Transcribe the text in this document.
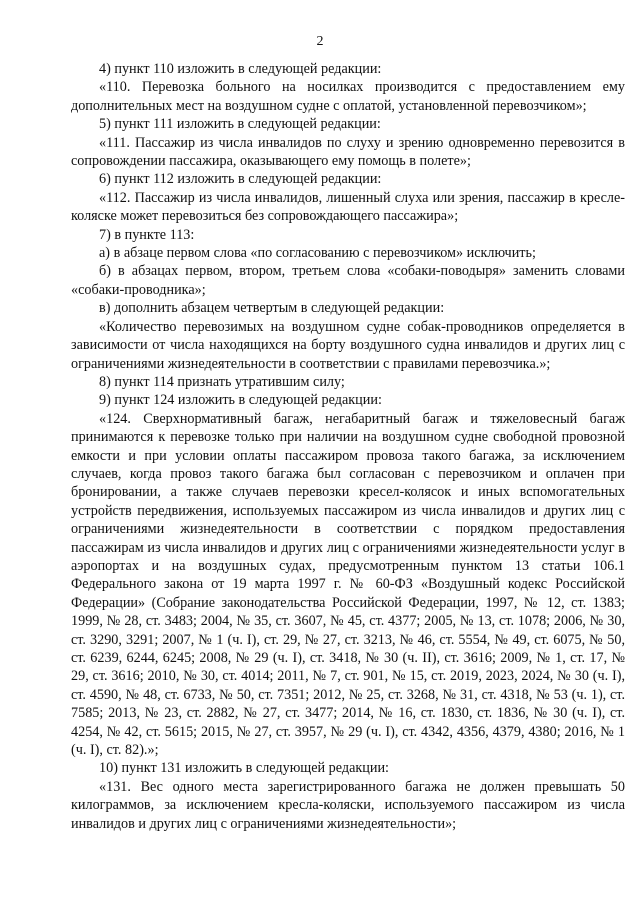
2

4) пункт 110 изложить в следующей редакции:

«110. Перевозка больного на носилках производится с предоставлением ему дополнительных мест на воздушном судне с оплатой, установленной перевозчиком»;

5) пункт 111 изложить в следующей редакции:

«111. Пассажир из числа инвалидов по слуху и зрению одновременно перевозится в сопровождении пассажира, оказывающего ему помощь в полете»;

6) пункт 112 изложить в следующей редакции:

«112. Пассажир из числа инвалидов, лишенный слуха или зрения, пассажир в кресле-коляске может перевозиться без сопровождающего пассажира»;

7) в пункте 113:

а) в абзаце первом слова «по согласованию с перевозчиком» исключить;

б) в абзацах первом, втором, третьем слова «собаки-поводыря» заменить словами «собаки-проводника»;

в) дополнить абзацем четвертым в следующей редакции:

«Количество перевозимых на воздушном судне собак-проводников определяется в зависимости от числа находящихся на борту воздушного судна инвалидов и других лиц с ограничениями жизнедеятельности в соответствии с правилами перевозчика.»;

8) пункт 114 признать утратившим силу;

9) пункт 124 изложить в следующей редакции:

«124. Сверхнормативный багаж, негабаритный багаж и тяжеловесный багаж принимаются к перевозке только при наличии на воздушном судне свободной провозной емкости и при условии оплаты пассажиром провоза такого багажа, за исключением случаев, когда провоз такого багажа был согласован с перевозчиком и оплачен при бронировании, а также случаев перевозки кресел-колясок и иных вспомогательных устройств передвижения, используемых пассажиром из числа инвалидов и других лиц с ограничениями жизнедеятельности в соответствии с порядком предоставления пассажирам из числа инвалидов и других лиц с ограничениями жизнедеятельности услуг в аэропортах и на воздушных судах, предусмотренным пунктом 13 статьи 106.1 Федерального закона от 19 марта 1997 г. № 60-ФЗ «Воздушный кодекс Российской Федерации» (Собрание законодательства Российской Федерации, 1997, № 12, ст. 1383; 1999, № 28, ст. 3483; 2004, № 35, ст. 3607, № 45, ст. 4377; 2005, № 13, ст. 1078; 2006, № 30, ст. 3290, 3291; 2007, № 1 (ч. I), ст. 29, № 27, ст. 3213, № 46, ст. 5554, № 49, ст. 6075, № 50, ст. 6239, 6244, 6245; 2008, № 29 (ч. I), ст. 3418, № 30 (ч. II), ст. 3616; 2009, № 1, ст. 17, № 29, ст. 3616; 2010, № 30, ст. 4014; 2011, № 7, ст. 901, № 15, ст. 2019, 2023, 2024, № 30 (ч. I), ст. 4590, № 48, ст. 6733, № 50, ст. 7351; 2012, № 25, ст. 3268, № 31, ст. 4318, № 53 (ч. 1), ст. 7585; 2013, № 23, ст. 2882, № 27, ст. 3477; 2014, № 16, ст. 1830, ст. 1836, № 30 (ч. I), ст. 4254, № 42, ст. 5615; 2015, № 27, ст. 3957, № 29 (ч. I), ст. 4342, 4356, 4379, 4380; 2016, № 1 (ч. I), ст. 82).»;

10) пункт 131 изложить в следующей редакции:

«131. Вес одного места зарегистрированного багажа не должен превышать 50 килограммов, за исключением кресла-коляски, используемого пассажиром из числа инвалидов и других лиц с ограничениями жизнедеятельности»;
